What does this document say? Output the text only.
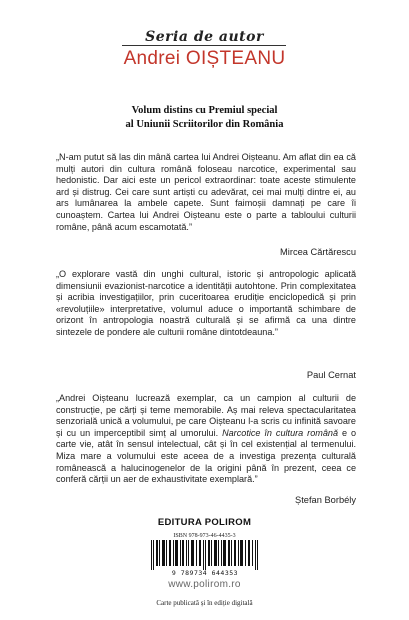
Seria de autor
Andrei OIȘTEANU
Volum distins cu Premiul special
al Uniunii Scriitorilor din România

„N-am putut să las din mână cartea lui Andrei Oișteanu. Am aflat din ea că mulți autori din cultura română foloseau narcotice, experimental sau hedonistic. Dar aici este un pericol extraordinar: toate aceste stimulente ard și distrug. Cei care sunt artiști cu adevărat, cei mai mulți dintre ei, au ars lumânarea la ambele capete. Sunt faimoșii damnați pe care îi cunoaștem. Cartea lui Andrei Oișteanu este o parte a tabloului culturii române, până acum escamotată.”

Mircea Cărtărescu

„O explorare vastă din unghi cultural, istoric și antropologic aplicată dimensiunii evazionist-narcotice a identității autohtone. Prin complexitatea și acribia investigațiilor, prin cuceritoarea erudiție enciclopedică și prin «revoluțiile» interpretative, volumul aduce o importantă schimbare de orizont în antropologia noastră culturală și se afirmă ca una dintre sintezele de pondere ale culturii române dintotdeauna.”

Paul Cernat

„Andrei Oișteanu lucrează exemplar, ca un campion al culturii de construcție, pe cărți și teme memorabile. Aș mai releva spectacularitatea senzorială unică a volumului, pe care Oișteanu l-a scris cu infinită savoare și cu un imperceptibil simț al umorului. Narcotice în cultura română e o carte vie, atât în sensul intelectual, cât și în cel existențial al termenului. Miza mare a volumului este aceea de a investiga prezența culturală românească a halucinogenelor de la origini până în prezent, ceea ce conferă cărții un aer de exhaustivitate exemplară.”

Ștefan Borbély
EDITURA POLIROM
ISBN 978-973-46-4435-3
9 789734 644353
www.polirom.ro
Carte publicată și în ediție digitală
